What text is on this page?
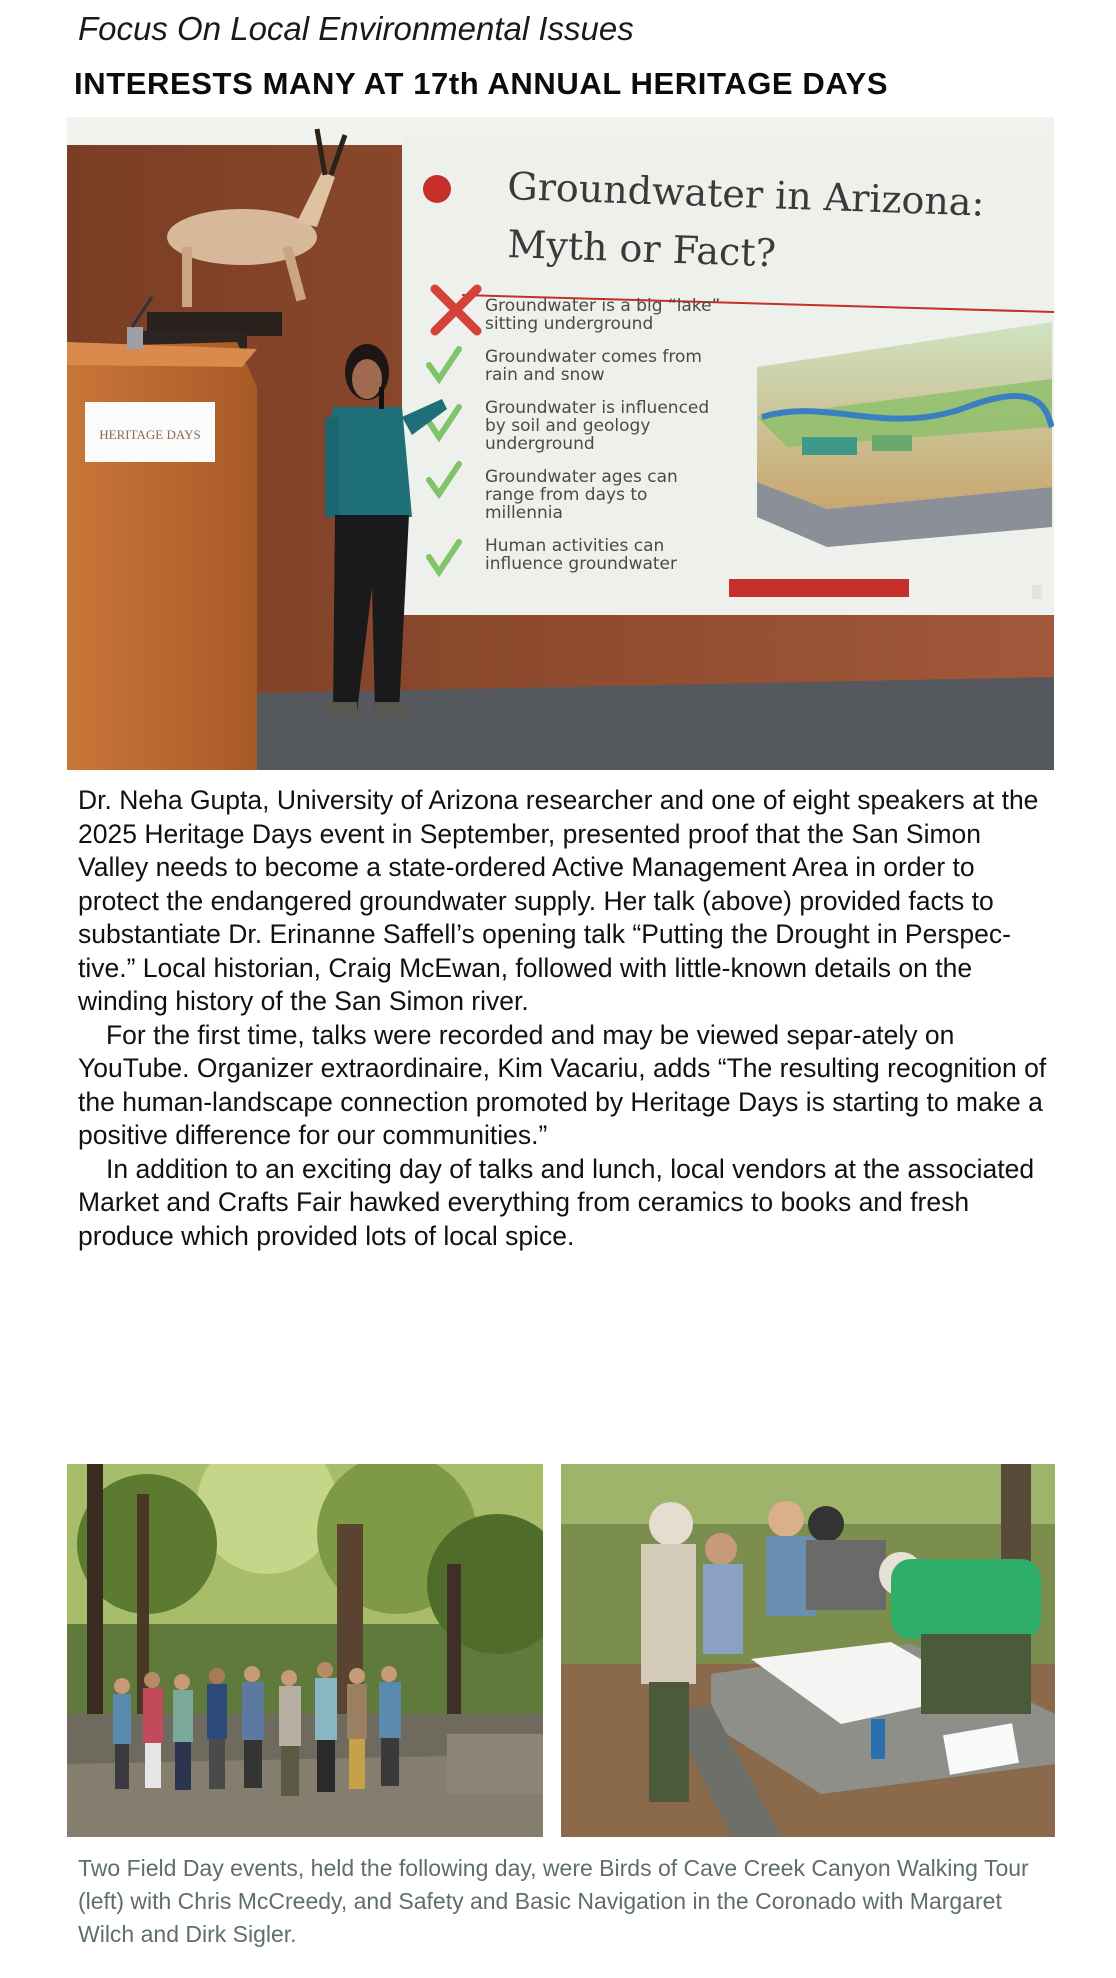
Focus On Local Environmental Issues
INTERESTS MANY AT 17th ANNUAL HERITAGE DAYS
Groundwater in Arizona:
Myth or Fact?
Groundwater is a big “lake”
sitting underground
Groundwater comes from
rain and snow
Groundwater is influenced
by soil and geology
underground
Groundwater ages can
range from days to
millennia
Human activities can
influence groundwater
HERITAGE DAYS

Dr. Neha Gupta, University of Arizona researcher and one of eight speakers at the 2025 Heritage Days event in September, presented proof that the San Simon Valley needs to become a state-ordered Active Management Area in order to protect the endangered groundwater supply. Her talk (above) provided facts to substantiate Dr. Erinanne Saffell’s opening talk “Putting the Drought in Perspec-tive.” Local historian, Craig McEwan, followed with little-known details on the winding history of the San Simon river.

For the first time, talks were recorded and may be viewed separ-ately on YouTube. Organizer extraordinaire, Kim Vacariu, adds “The resulting recognition of the human-landscape connection promoted by Heritage Days is starting to make a positive difference for our communities.”

In addition to an exciting day of talks and lunch, local vendors at the associated Market and Crafts Fair hawked everything from ceramics to books and fresh produce which provided lots of local spice.

Two Field Day events, held the following day, were Birds of Cave Creek Canyon Walking Tour (left) with Chris McCreedy, and Safety and Basic Navigation in the Coronado with Margaret Wilch and Dirk Sigler.
